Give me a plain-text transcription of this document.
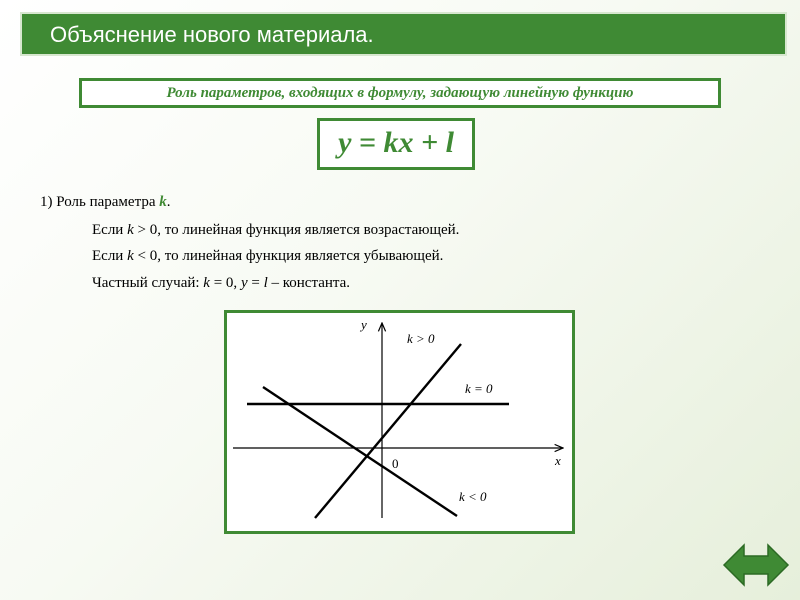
Объяснение нового материала.
Роль параметров, входящих в формулу, задающую линейную функцию
y = kx + l
1) Роль параметра k.
Если k > 0, то линейная функция является возрастающей.
Если k < 0, то линейная функция является убывающей.
Частный случай: k = 0, y = l – константа.
y
x
0
k > 0
k = 0
k < 0
